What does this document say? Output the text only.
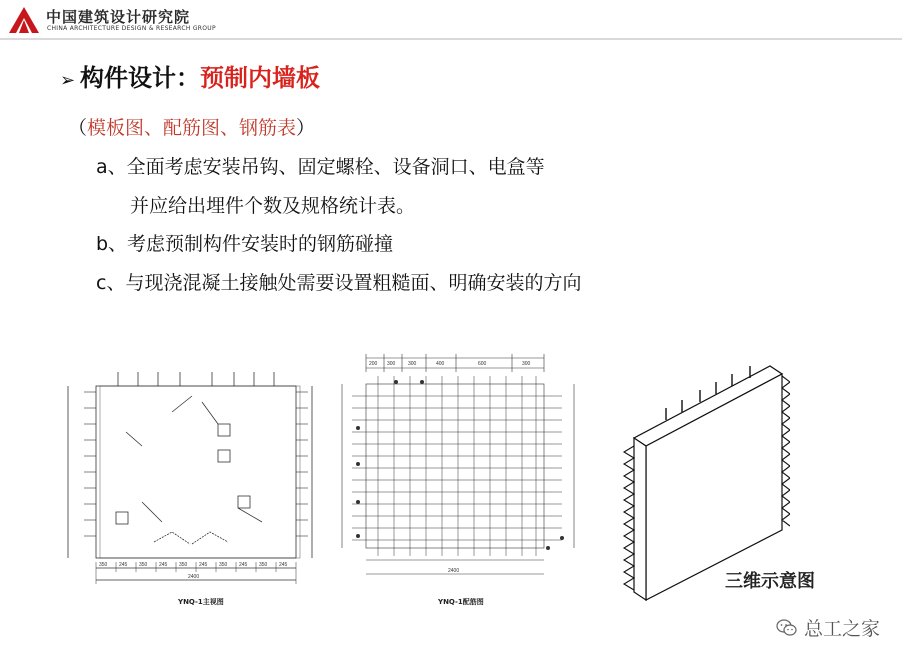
中国建筑设计研究院
CHINA ARCHITECTURE DESIGN & RESEARCH GROUP
➢ 构件设计：预制内墙板
（模板图、配筋图、钢筋表）
a、全面考虑安装吊钩、固定螺栓、设备洞口、电盒等
并应给出埋件个数及规格统计表。
b、考虑预制构件安装时的钢筋碰撞
c、与现浇混凝土接触处需要设置粗糙面、明确安装的方向
350 245 350 245 350 245 350 245 350 245
2400
YNQ-1主视图
200 300	300	400	600	300
2400
YNQ-1配筋图
三维示意图
总工之家
